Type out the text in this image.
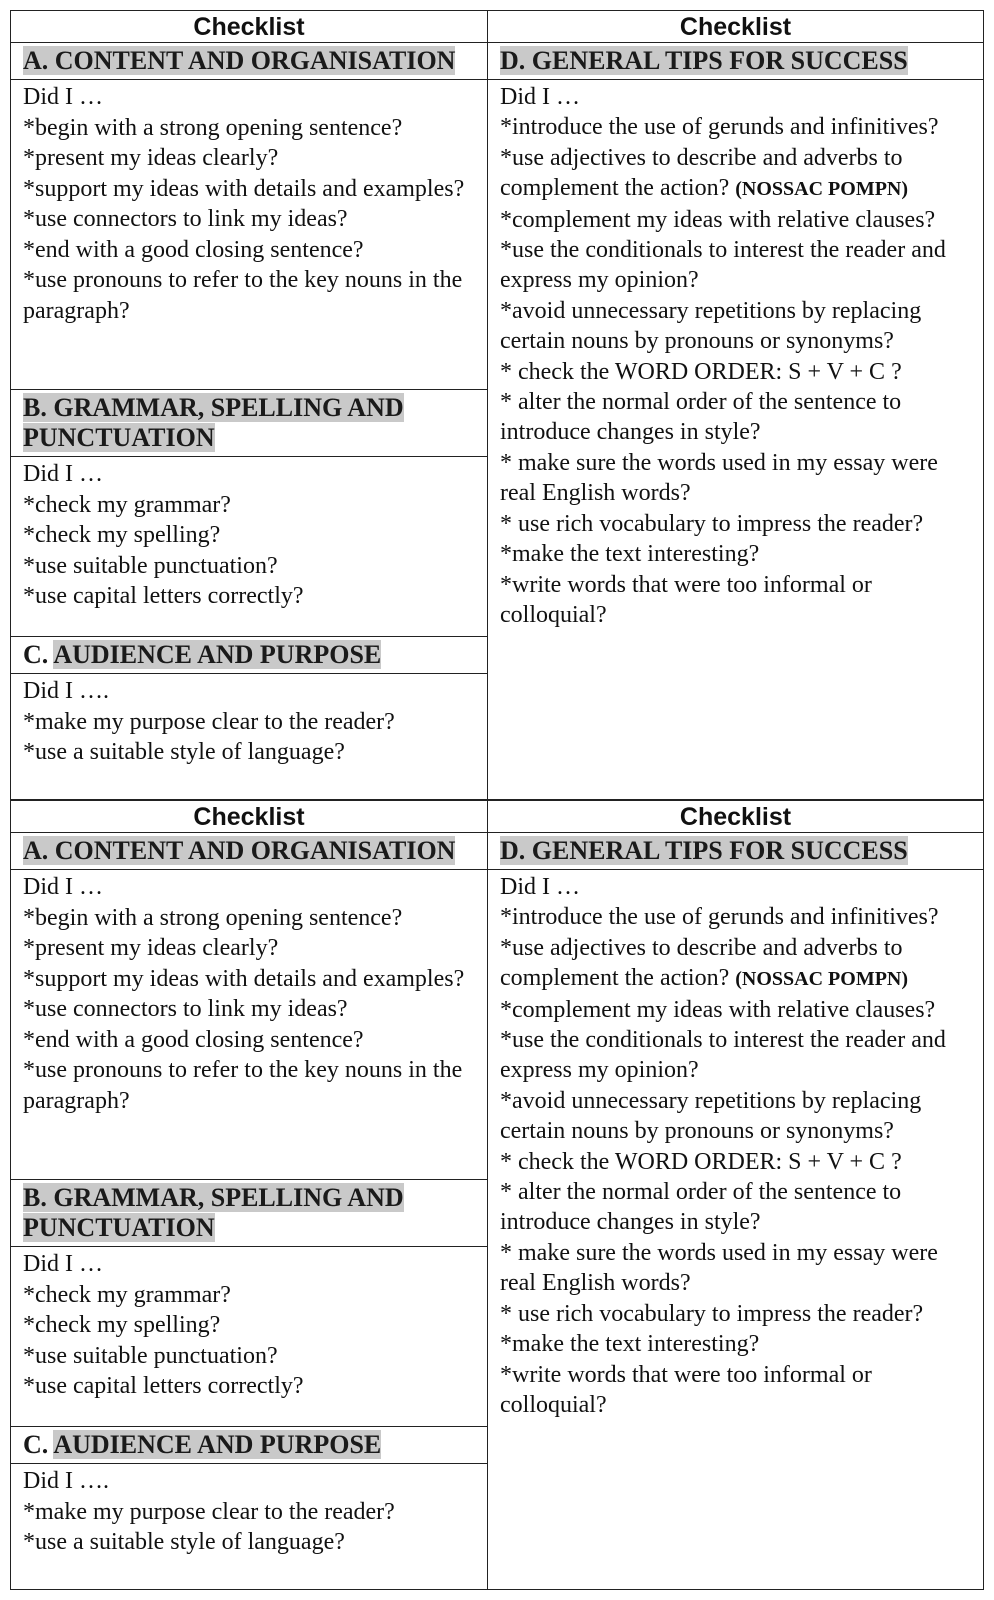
Checklist
A. CONTENT AND ORGANISATION
Did I …
*begin with a strong opening sentence?
*present my ideas clearly?
*support my ideas with details and examples?
*use connectors to link my ideas?
*end with a good closing sentence?
*use pronouns to refer to the key nouns in the paragraph?
B. GRAMMAR, SPELLING AND
PUNCTUATION
Did I …
*check my grammar?
*check my spelling?
*use suitable punctuation?
*use capital letters correctly?
C. AUDIENCE AND PURPOSE
Did I ….
*make my purpose clear to the reader?
*use a suitable style of language?
Checklist
D. GENERAL TIPS FOR SUCCESS
Did I …
*introduce the use of gerunds and infinitives?
*use adjectives to describe and adverbs to complement the action? (NOSSAC POMPN)
*complement my ideas with relative clauses?
*use the conditionals to interest the reader and express my opinion?
*avoid unnecessary repetitions by replacing certain nouns by pronouns or synonyms?
* check the WORD ORDER: S + V + C ?
* alter the normal order of the sentence to introduce changes in style?
* make sure the words used in my essay were real English words?
* use rich vocabulary to impress the reader?
*make the text interesting?
*write words that were too informal or colloquial?
Checklist
A. CONTENT AND ORGANISATION
Did I …
*begin with a strong opening sentence?
*present my ideas clearly?
*support my ideas with details and examples?
*use connectors to link my ideas?
*end with a good closing sentence?
*use pronouns to refer to the key nouns in the paragraph?
B. GRAMMAR, SPELLING AND
PUNCTUATION
Did I …
*check my grammar?
*check my spelling?
*use suitable punctuation?
*use capital letters correctly?
C. AUDIENCE AND PURPOSE
Did I ….
*make my purpose clear to the reader?
*use a suitable style of language?
Checklist
D. GENERAL TIPS FOR SUCCESS
Did I …
*introduce the use of gerunds and infinitives?
*use adjectives to describe and adverbs to complement the action? (NOSSAC POMPN)
*complement my ideas with relative clauses?
*use the conditionals to interest the reader and express my opinion?
*avoid unnecessary repetitions by replacing certain nouns by pronouns or synonyms?
* check the WORD ORDER: S + V + C ?
* alter the normal order of the sentence to introduce changes in style?
* make sure the words used in my essay were real English words?
* use rich vocabulary to impress the reader?
*make the text interesting?
*write words that were too informal or colloquial?
